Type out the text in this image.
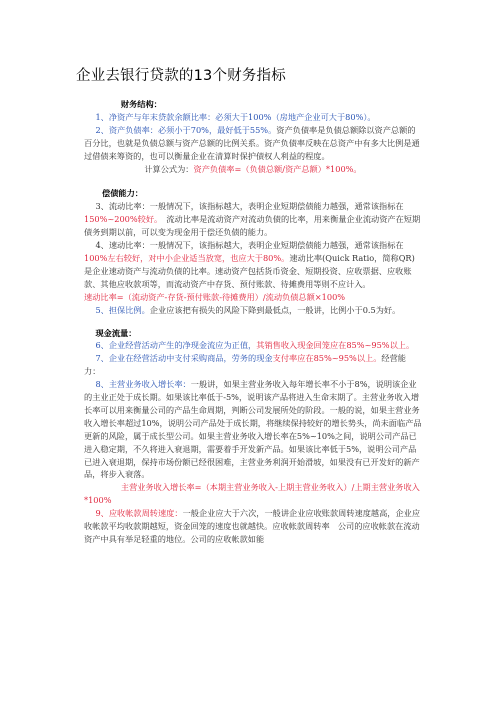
企业去银行贷款的13个财务指标

财务结构：

1、净资产与年末贷款余额比率：必须大于100%（房地产企业可大于80%）。

2、资产负债率：必须小于70%，最好低于55%。资产负债率是负债总额除以资产总额的百分比，也就是负债总额与资产总额的比例关系。资产负债率反映在总资产中有多大比例是通过借债来筹资的，也可以衡量企业在清算时保护债权人利益的程度。

计算公式为：资产负债率=（负债总额/资产总额）*100%。

偿债能力：

3、流动比率：一般情况下，该指标越大，表明企业短期偿债能力越强，通常该指标在150%~200%较好。　 流动比率是流动资产对流动负债的比率，用来衡量企业流动资产在短期债务到期以前，可以变为现金用于偿还负债的能力。

4、速动比率：一般情况下，该指标越大，表明企业短期偿债能力越强，通常该指标在100%左右较好，对中小企业适当放宽，也应大于80%。速动比率(Quick Ratio，简称QR)是企业速动资产与流动负债的比率。速动资产包括货币资金、短期投资、应收票据、应收账款、其他应收款项等，而流动资产中存货、预付账款、待摊费用等则不应计入。

速动比率=（流动资产-存货-预付账款-待摊费用）/流动负债总额×100%

5、担保比例。企业应该把有损失的风险下降到最低点，一般讲，比例小于0.5为好。

现金流量：

6、企业经营活动产生的净现金流应为正值，其销售收入现金回笼应在85%~95%以上。

7、企业在经营活动中支付采购商品，劳务的现金支付率应在85%~95%以上。经营能力：

8、主营业务收入增长率：一般讲，如果主营业务收入每年增长率不小于8%，说明该企业的主业正处于成长期。如果该比率低于-5%，说明该产品将进入生命末期了。主营业务收入增长率可以用来衡量公司的产品生命周期，判断公司发展所处的阶段。一般的说，如果主营业务收入增长率超过10%，说明公司产品处于成长期，将继续保持较好的增长势头，尚未面临产品更新的风险，属于成长型公司。如果主营业务收入增长率在5%~10%之间，说明公司产品已进入稳定期，不久将进入衰退期，需要着手开发新产品。如果该比率低于5%，说明公司产品已进入衰退期，保持市场份额已经很困难，主营业务利润开始滑坡，如果没有已开发好的新产品，将步入衰落。

主营业务收入增长率=（本期主营业务收入-上期主营业务收入）/上期主营业务收入*100%

9、应收帐款周转速度：一般企业应大于六次，一般讲企业应收账款周转速度越高，企业应收帐款平均收款期越短，资金回笼的速度也就越快。应收帐款周转率　 公司的应收帐款在流动资产中具有举足轻重的地位。公司的应收帐款如能
